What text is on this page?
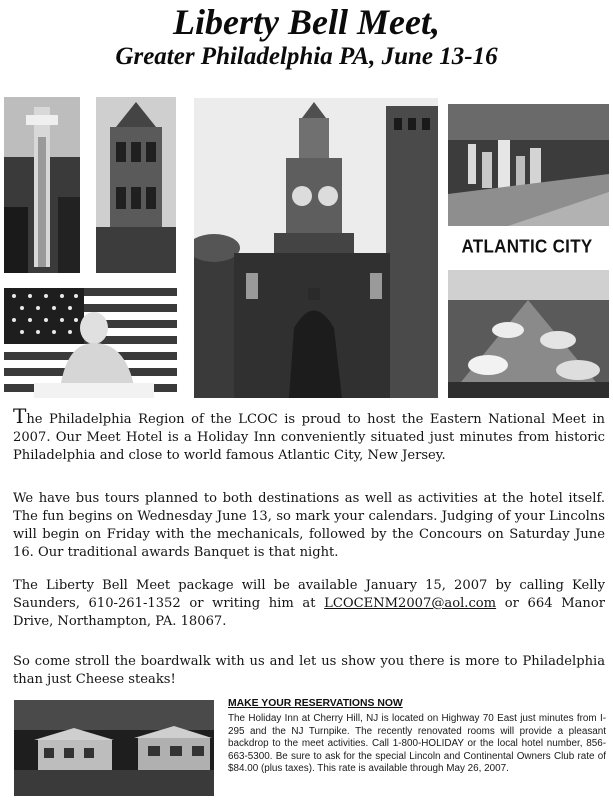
Liberty Bell Meet,
Greater Philadelphia PA, June 13-16
ATLANTIC CITY

The Philadelphia Region of the LCOC is proud to host the Eastern National Meet in 2007. Our Meet Hotel is a Holiday Inn conveniently situated just minutes from historic Philadelphia and close to world famous Atlantic City, New Jersey.

We have bus tours planned to both destinations as well as activities at the hotel itself. The fun begins on Wednesday June 13, so mark your calendars. Judging of your Lincolns will begin on Friday with the mechanicals, followed by the Concours on Saturday June 16. Our traditional awards Banquet is that night.

The Liberty Bell Meet package will be available January 15, 2007 by calling Kelly Saunders, 610-261-1352 or writing him at LCOCENM2007@aol.com or 664 Manor Drive, Northampton, PA. 18067.

So come stroll the boardwalk with us and let us show you there is more to Philadelphia than just Cheese steaks!

MAKE YOUR RESERVATIONS NOW

The Holiday Inn at Cherry Hill, NJ is located on Highway 70 East just minutes from I-295 and the NJ Turnpike. The recently renovated rooms will provide a pleasant backdrop to the meet activities. Call 1-800-HOLIDAY or the local hotel number, 856-663-5300. Be sure to ask for the special Lincoln and Continental Owners Club rate of $84.00 (plus taxes). This rate is available through May 26, 2007.
